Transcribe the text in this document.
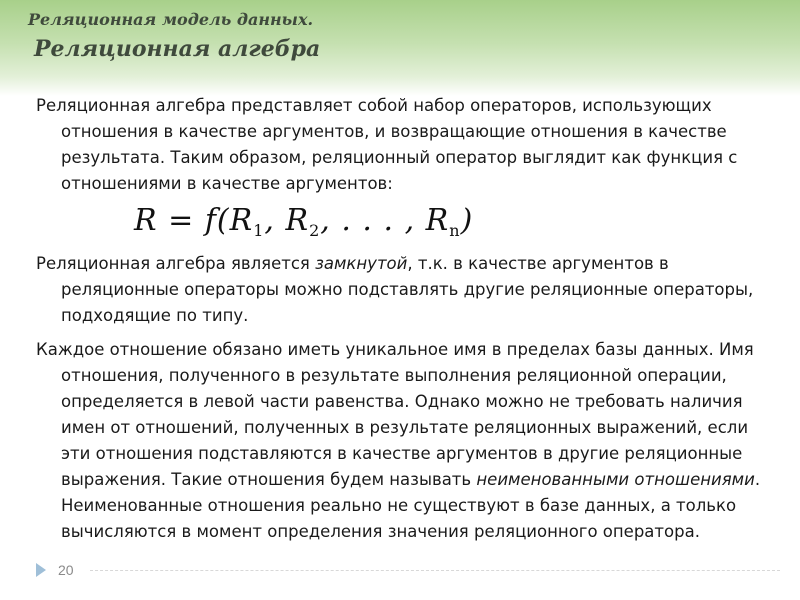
Реляционная модель данных.
Реляционная алгебра

Реляционная алгебра представляет собой набор операторов, использующих отношения в качестве аргументов, и возвращающие отношения в качестве результата. Таким образом, реляционный оператор выглядит как функция с отношениями в качестве аргументов:

$R = f(R_1$, $R_2$, . . . , $R_n$)

Реляционная алгебра является замкнутой, т.к. в качестве аргументов в реляционные операторы можно подставлять другие реляционные операторы, подходящие по типу.

Каждое отношение обязано иметь уникальное имя в пределах базы данных. Имя отношения, полученного в результате выполнения реляционной операции, определяется в левой части равенства. Однако можно не требовать наличия имен от отношений, полученных в результате реляционных выражений, если эти отношения подставляются в качестве аргументов в другие реляционные выражения. Такие отношения будем называть неименованными отношениями. Неименованные отношения реально не существуют в базе данных, а только вычисляются в момент определения значения реляционного оператора.

20
